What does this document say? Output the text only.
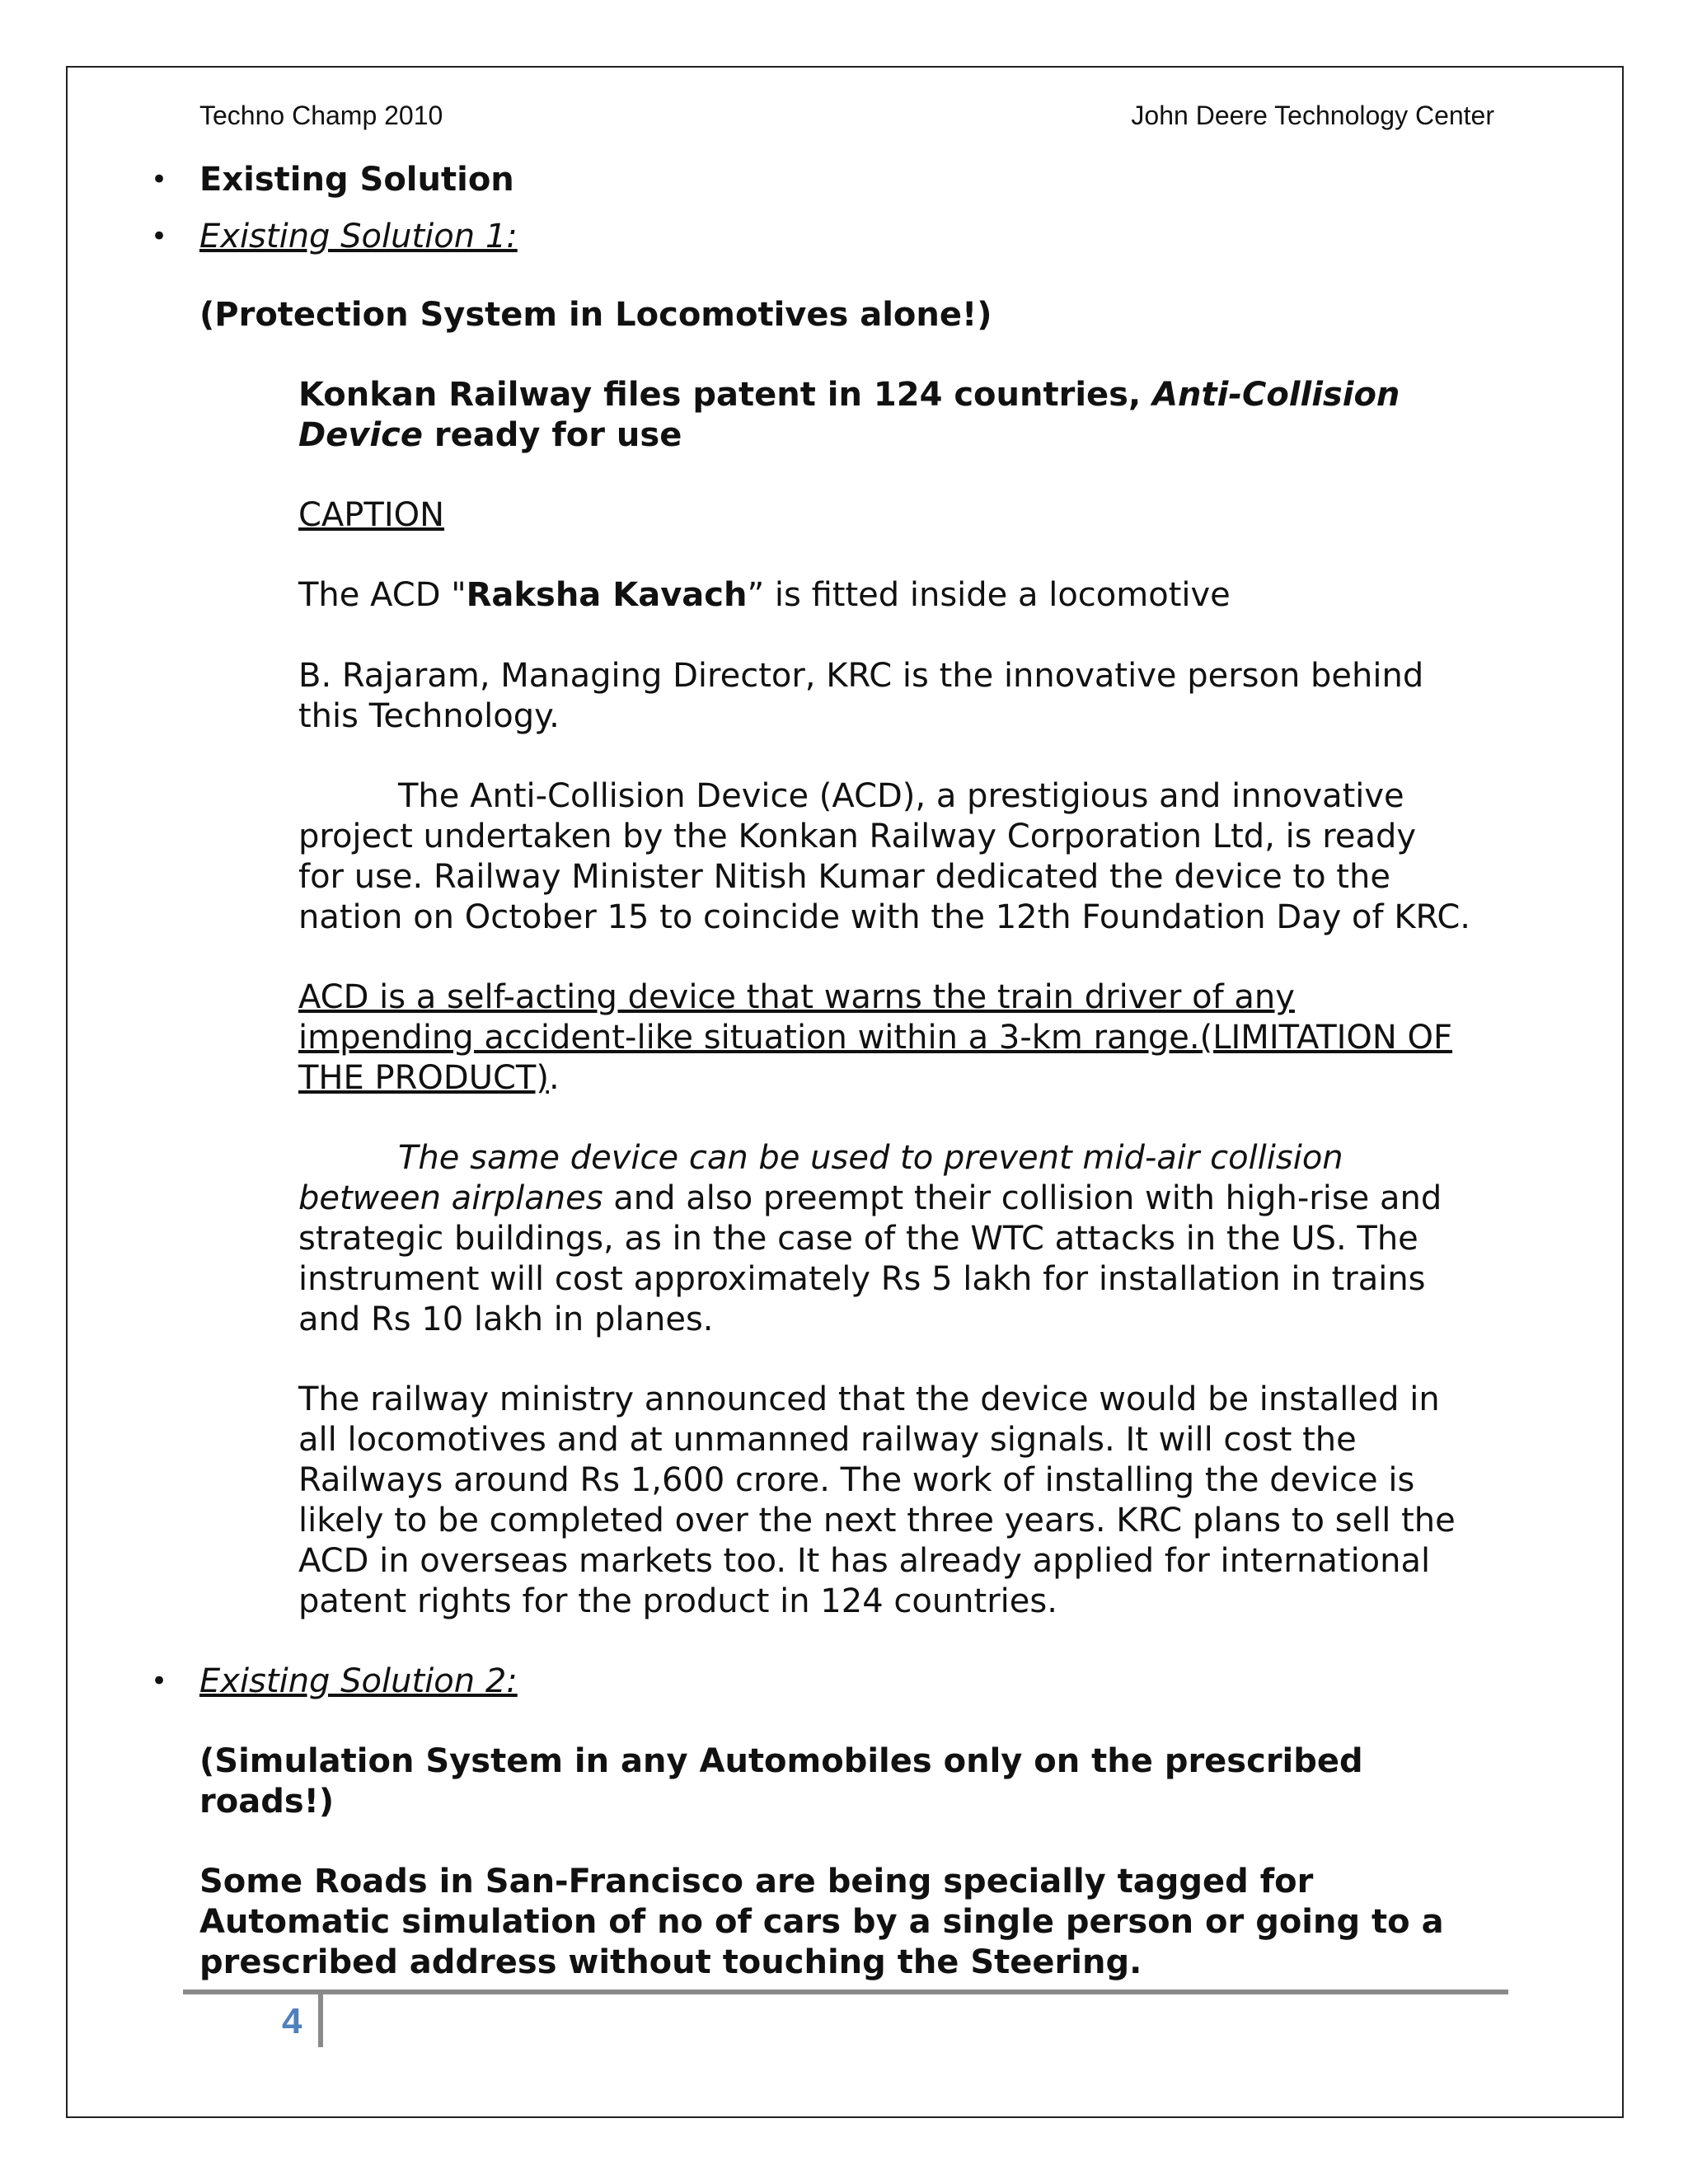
Techno Champ 2010	John Deere Technology Center
• Existing Solution
• Existing Solution 1:
(Protection System in Locomotives alone!)
Konkan Railway files patent in 124 countries, Anti-Collision
Device ready for use
CAPTION
The ACD "Raksha Kavach” is fitted inside a locomotive
B. Rajaram, Managing Director, KRC is the innovative person behind
this Technology.
The Anti-Collision Device (ACD), a prestigious and innovative
project undertaken by the Konkan Railway Corporation Ltd, is ready
for use. Railway Minister Nitish Kumar dedicated the device to the
nation on October 15 to coincide with the 12th Foundation Day of KRC.
ACD is a self-acting device that warns the train driver of any
impending accident-like situation within a 3-km range.(LIMITATION OF
THE PRODUCT).
The same device can be used to prevent mid-air collision
between airplanes and also preempt their collision with high-rise and
strategic buildings, as in the case of the WTC attacks in the US. The
instrument will cost approximately Rs 5 lakh for installation in trains
and Rs 10 lakh in planes.
The railway ministry announced that the device would be installed in
all locomotives and at unmanned railway signals. It will cost the
Railways around Rs 1,600 crore. The work of installing the device is
likely to be completed over the next three years. KRC plans to sell the
ACD in overseas markets too. It has already applied for international
patent rights for the product in 124 countries.
• Existing Solution 2:
(Simulation System in any Automobiles only on the prescribed
roads!)
Some Roads in San-Francisco are being specially tagged for
Automatic simulation of no of cars by a single person or going to a
prescribed address without touching the Steering.
4
